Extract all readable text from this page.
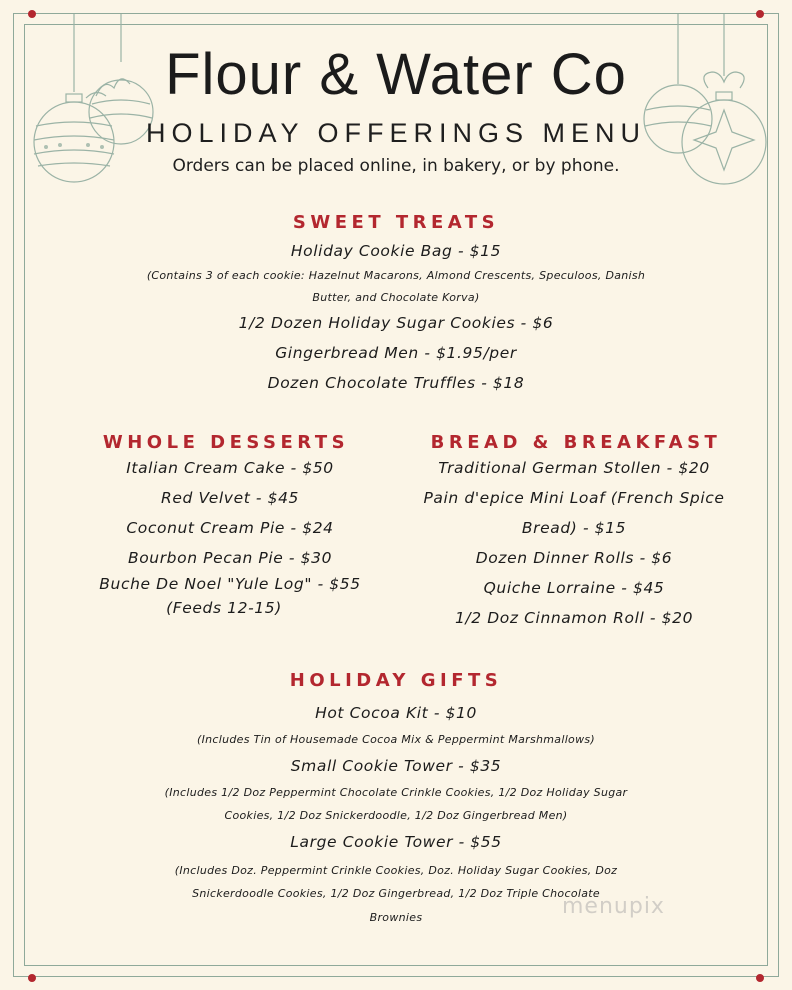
Flour & Water Co
HOLIDAY OFFERINGS MENU
Orders can be placed online, in bakery, or by phone.
SWEET TREATS
Holiday Cookie Bag - $15
(Contains 3 of each cookie: Hazelnut Macarons, Almond Crescents, Speculoos, Danish
Butter, and Chocolate Korva)
1/2 Dozen Holiday Sugar Cookies - $6
Gingerbread Men - $1.95/per
Dozen Chocolate Truffles - $18
WHOLE DESSERTS
Italian Cream Cake - $50
Red Velvet - $45
Coconut Cream Pie - $24
Bourbon Pecan Pie - $30
Buche De Noel "Yule Log" - $55
(Feeds 12-15)
BREAD & BREAKFAST
Traditional German Stollen - $20
Pain d'epice Mini Loaf (French Spice
Bread) - $15
Dozen Dinner Rolls - $6
Quiche Lorraine - $45
1/2 Doz Cinnamon Roll - $20
HOLIDAY GIFTS
Hot Cocoa Kit - $10
(Includes Tin of Housemade Cocoa Mix & Peppermint Marshmallows)
Small Cookie Tower - $35
(Includes 1/2 Doz Peppermint Chocolate Crinkle Cookies, 1/2 Doz Holiday Sugar
Cookies, 1/2 Doz Snickerdoodle, 1/2 Doz Gingerbread Men)
Large Cookie Tower - $55
(Includes Doz. Peppermint Crinkle Cookies, Doz. Holiday Sugar Cookies, Doz
Snickerdoodle Cookies, 1/2 Doz Gingerbread, 1/2 Doz Triple Chocolate
Brownies	menupix
